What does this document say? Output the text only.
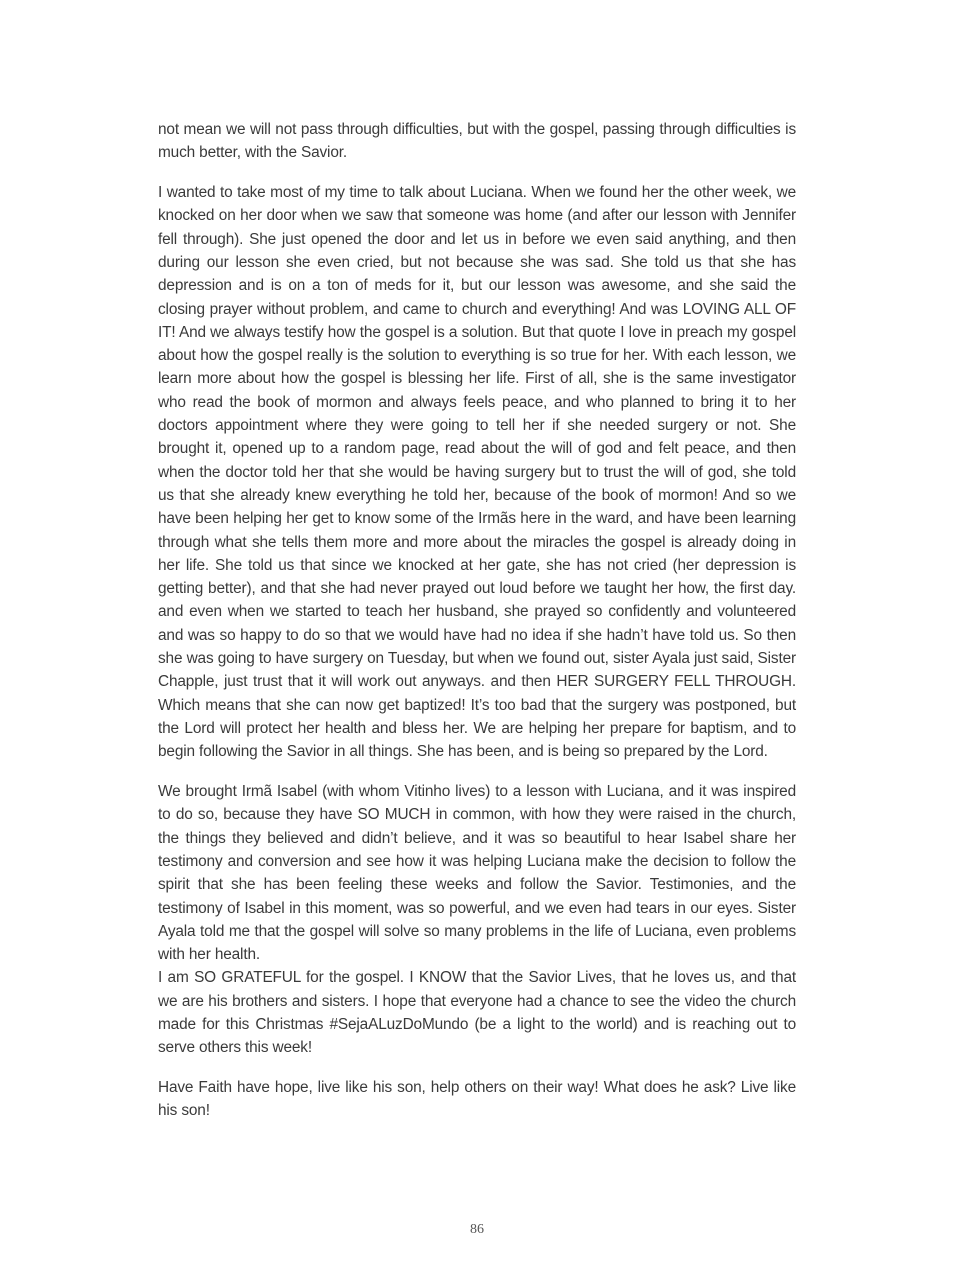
not mean we will not pass through difficulties, but with the gospel, passing through difficulties is much better, with the Savior.

I wanted to take most of my time to talk about Luciana. When we found her the other week, we knocked on her door when we saw that someone was home (and after our lesson with Jennifer fell through). She just opened the door and let us in before we even said anything, and then during our lesson she even cried, but not because she was sad. She told us that she has depression and is on a ton of meds for it, but our lesson was awesome, and she said the closing prayer without problem, and came to church and everything! And was LOVING ALL OF IT! And we always testify how the gospel is a solution. But that quote I love in preach my gospel about how the gospel really is the solution to everything is so true for her. With each lesson, we learn more about how the gospel is blessing her life. First of all, she is the same investigator who read the book of mormon and always feels peace, and who planned to bring it to her doctors appointment where they were going to tell her if she needed surgery or not. She brought it, opened up to a random page, read about the will of god and felt peace, and then when the doctor told her that she would be having surgery but to trust the will of god, she told us that she already knew everything he told her, because of the book of mormon! And so we have been helping her get to know some of the Irmãs here in the ward, and have been learning through what she tells them more and more about the miracles the gospel is already doing in her life. She told us that since we knocked at her gate, she has not cried (her depression is getting better), and that she had never prayed out loud before we taught her how, the first day. and even when we started to teach her husband, she prayed so confidently and volunteered and was so happy to do so that we would have had no idea if she hadn’t have told us. So then she was going to have surgery on Tuesday, but when we found out, sister Ayala just said, Sister Chapple, just trust that it will work out anyways. and then HER SURGERY FELL THROUGH. Which means that she can now get baptized! It’s too bad that the surgery was postponed, but the Lord will protect her health and bless her. We are helping her prepare for baptism, and to begin following the Savior in all things. She has been, and is being so prepared by the Lord.

We brought Irmã Isabel (with whom Vitinho lives) to a lesson with Luciana, and it was inspired to do so, because they have SO MUCH in common, with how they were raised in the church, the things they believed and didn’t believe, and it was so beautiful to hear Isabel share her testimony and conversion and see how it was helping Luciana make the decision to follow the spirit that she has been feeling these weeks and follow the Savior. Testimonies, and the testimony of Isabel in this moment, was so powerful, and we even had tears in our eyes. Sister Ayala told me that the gospel will solve so many problems in the life of Luciana, even problems with her health.

I am SO GRATEFUL for the gospel. I KNOW that the Savior Lives, that he loves us, and that we are his brothers and sisters. I hope that everyone had a chance to see the video the church made for this Christmas #SejaALuzDoMundo (be a light to the world) and is reaching out to serve others this week!

Have Faith have hope, live like his son, help others on their way! What does he ask? Live like his son!

86
